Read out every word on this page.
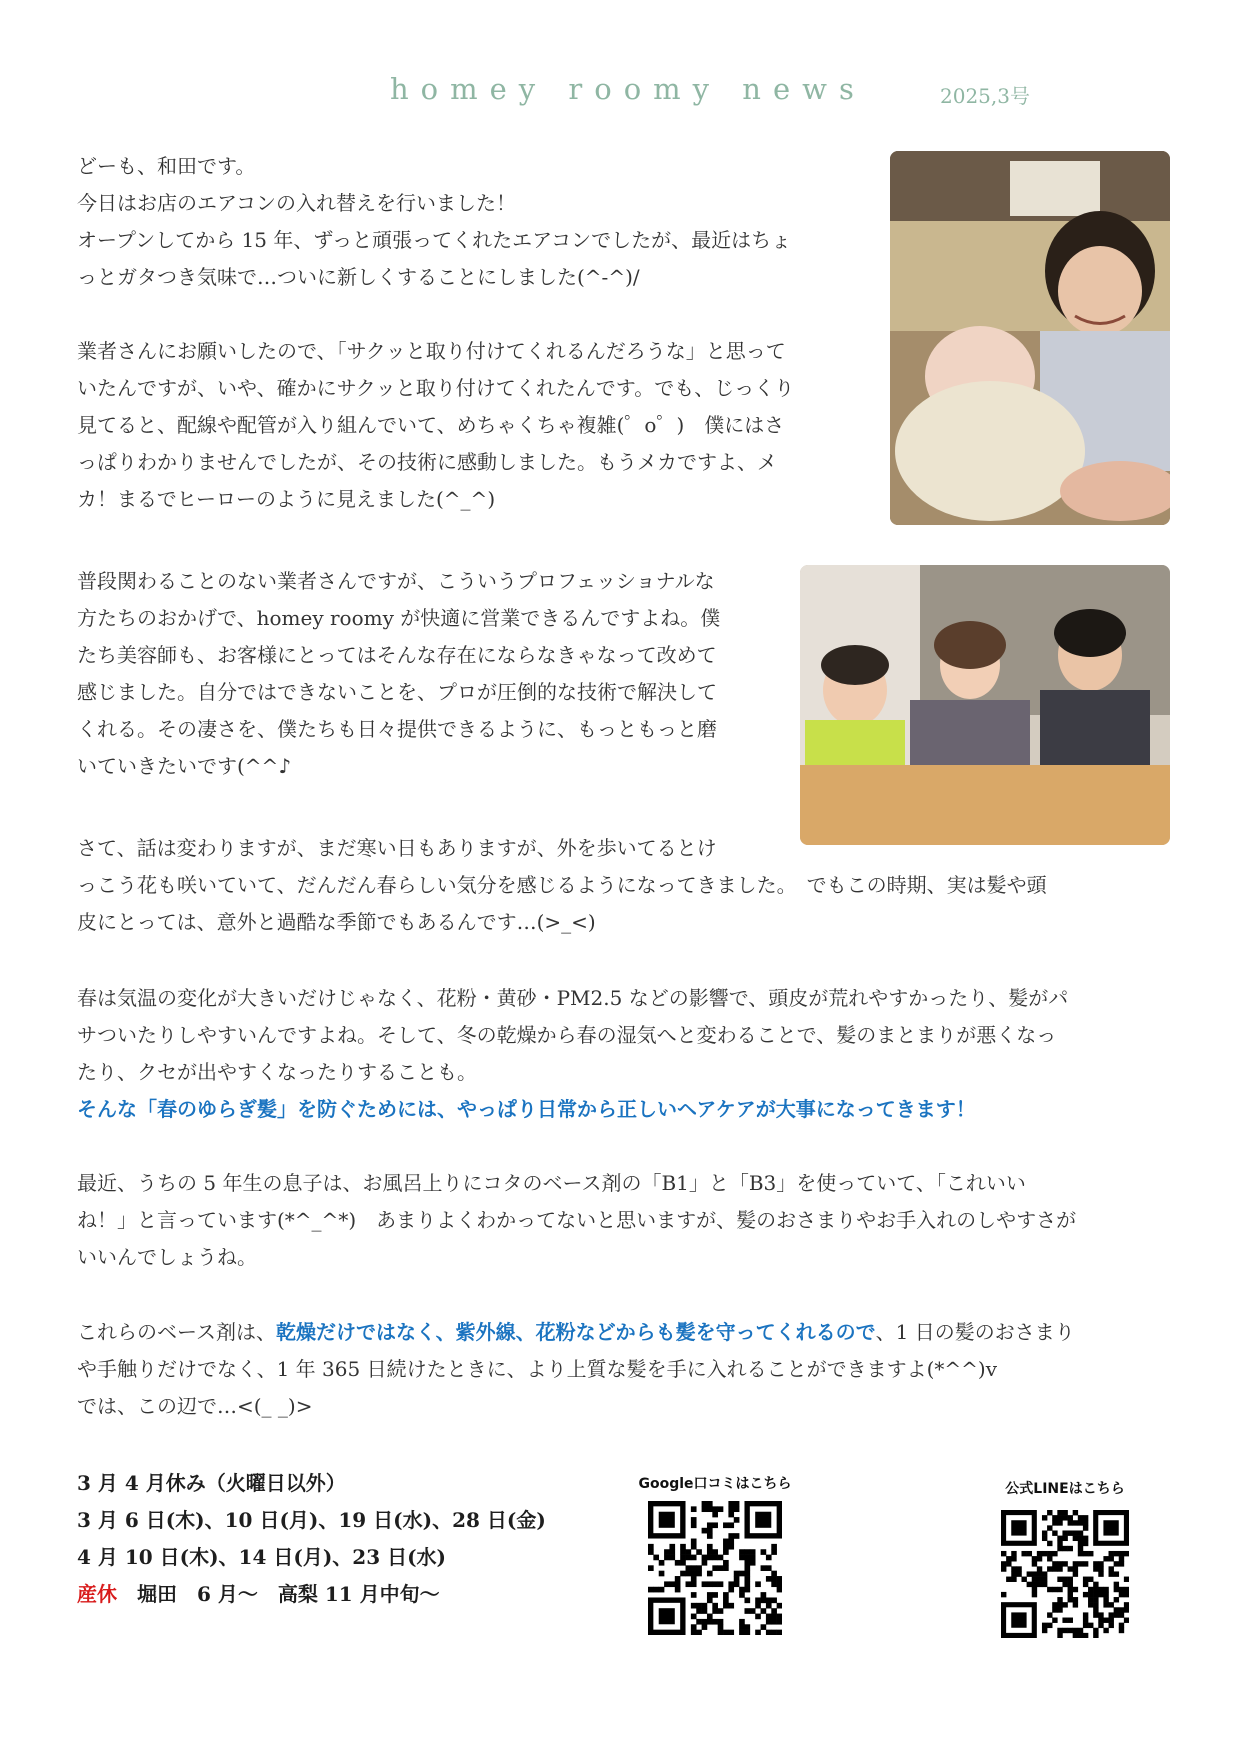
homey roomy news	2025,3号
どーも、和田です。
今日はお店のエアコンの入れ替えを行いました！
オープンしてから 15 年、ずっと頑張ってくれたエアコンでしたが、最近はちょ
っとガタつき気味で…ついに新しくすることにしました(^-^)/
業者さんにお願いしたので、「サクッと取り付けてくれるんだろうな」と思って
いたんですが、いや、確かにサクッと取り付けてくれたんです。でも、じっくり
見てると、配線や配管が入り組んでいて、めちゃくちゃ複雑(゜o゜)　僕にはさ
っぱりわかりませんでしたが、その技術に感動しました。もうメカですよ、メ
カ！まるでヒーローのように見えました(^_^)
普段関わることのない業者さんですが、こういうプロフェッショナルな
方たちのおかげで、homey roomy が快適に営業できるんですよね。僕
たち美容師も、お客様にとってはそんな存在にならなきゃなって改めて
感じました。自分ではできないことを、プロが圧倒的な技術で解決して
くれる。その凄さを、僕たちも日々提供できるように、もっともっと磨
いていきたいです(^^♪
さて、話は変わりますが、まだ寒い日もありますが、外を歩いてるとけ
っこう花も咲いていて、だんだん春らしい気分を感じるようになってきました。　でもこの時期、実は髪や頭
皮にとっては、意外と過酷な季節でもあるんです…(>_<)
春は気温の変化が大きいだけじゃなく、花粉・黄砂・PM2.5 などの影響で、頭皮が荒れやすかったり、髪がパ
サついたりしやすいんですよね。そして、冬の乾燥から春の湿気へと変わることで、髪のまとまりが悪くなっ
たり、クセが出やすくなったりすることも。
そんな「春のゆらぎ髪」を防ぐためには、やっぱり日常から正しいヘアケアが大事になってきます！
最近、うちの 5 年生の息子は、お風呂上りにコタのベース剤の「B1」と「B3」を使っていて、「これいい
ね！」と言っています(*^_^*)　あまりよくわかってないと思いますが、髪のおさまりやお手入れのしやすさが
いいんでしょうね。
これらのベース剤は、乾燥だけではなく、紫外線、花粉などからも髪を守ってくれるので、1 日の髪のおさまり
や手触りだけでなく、1 年 365 日続けたときに、より上質な髪を手に入れることができますよ(*^^)v
では、この辺で…<(_ _)>
3 月 4 月休み（火曜日以外）
3 月 6 日(木)、10 日(月)、19 日(水)、28 日(金)
4 月 10 日(木)、14 日(月)、23 日(水)
産休　堀田　6 月～　高梨 11 月中旬～
Google口コミはこちら	公式LINEはこちら
